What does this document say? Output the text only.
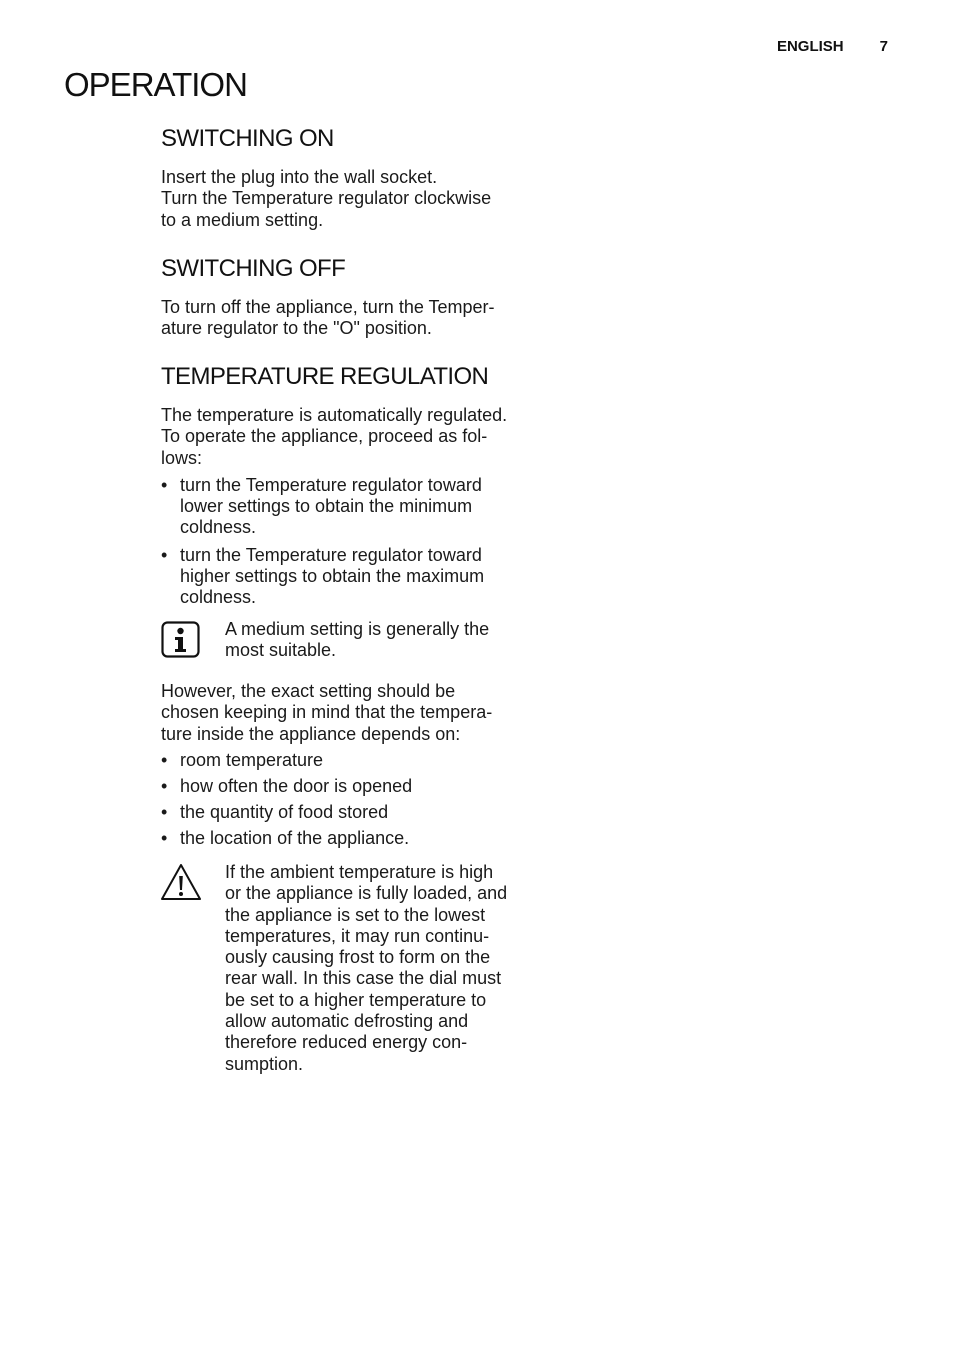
ENGLISH 7
OPERATION
SWITCHING ON

Insert the plug into the wall socket.

Turn the Temperature regulator clockwise

to a medium setting.

SWITCHING OFF

To turn off the appliance, turn the Temper-

ature regulator to the "O" position.

TEMPERATURE REGULATION

The temperature is automatically regulated.

To operate the appliance, proceed as fol-

lows:

• turn the Temperature regulator toward
lower settings to obtain the minimum
coldness.
• turn the Temperature regulator toward
higher settings to obtain the maximum
coldness.
A medium setting is generally the
most suitable.

However, the exact setting should be

chosen keeping in mind that the tempera-

ture inside the appliance depends on:

• room temperature
• how often the door is opened
• the quantity of food stored
• the location of the appliance.
If the ambient temperature is high
or the appliance is fully loaded, and
the appliance is set to the lowest
temperatures, it may run continu-
ously causing frost to form on the
rear wall. In this case the dial must
be set to a higher temperature to
allow automatic defrosting and
therefore reduced energy con-
sumption.
